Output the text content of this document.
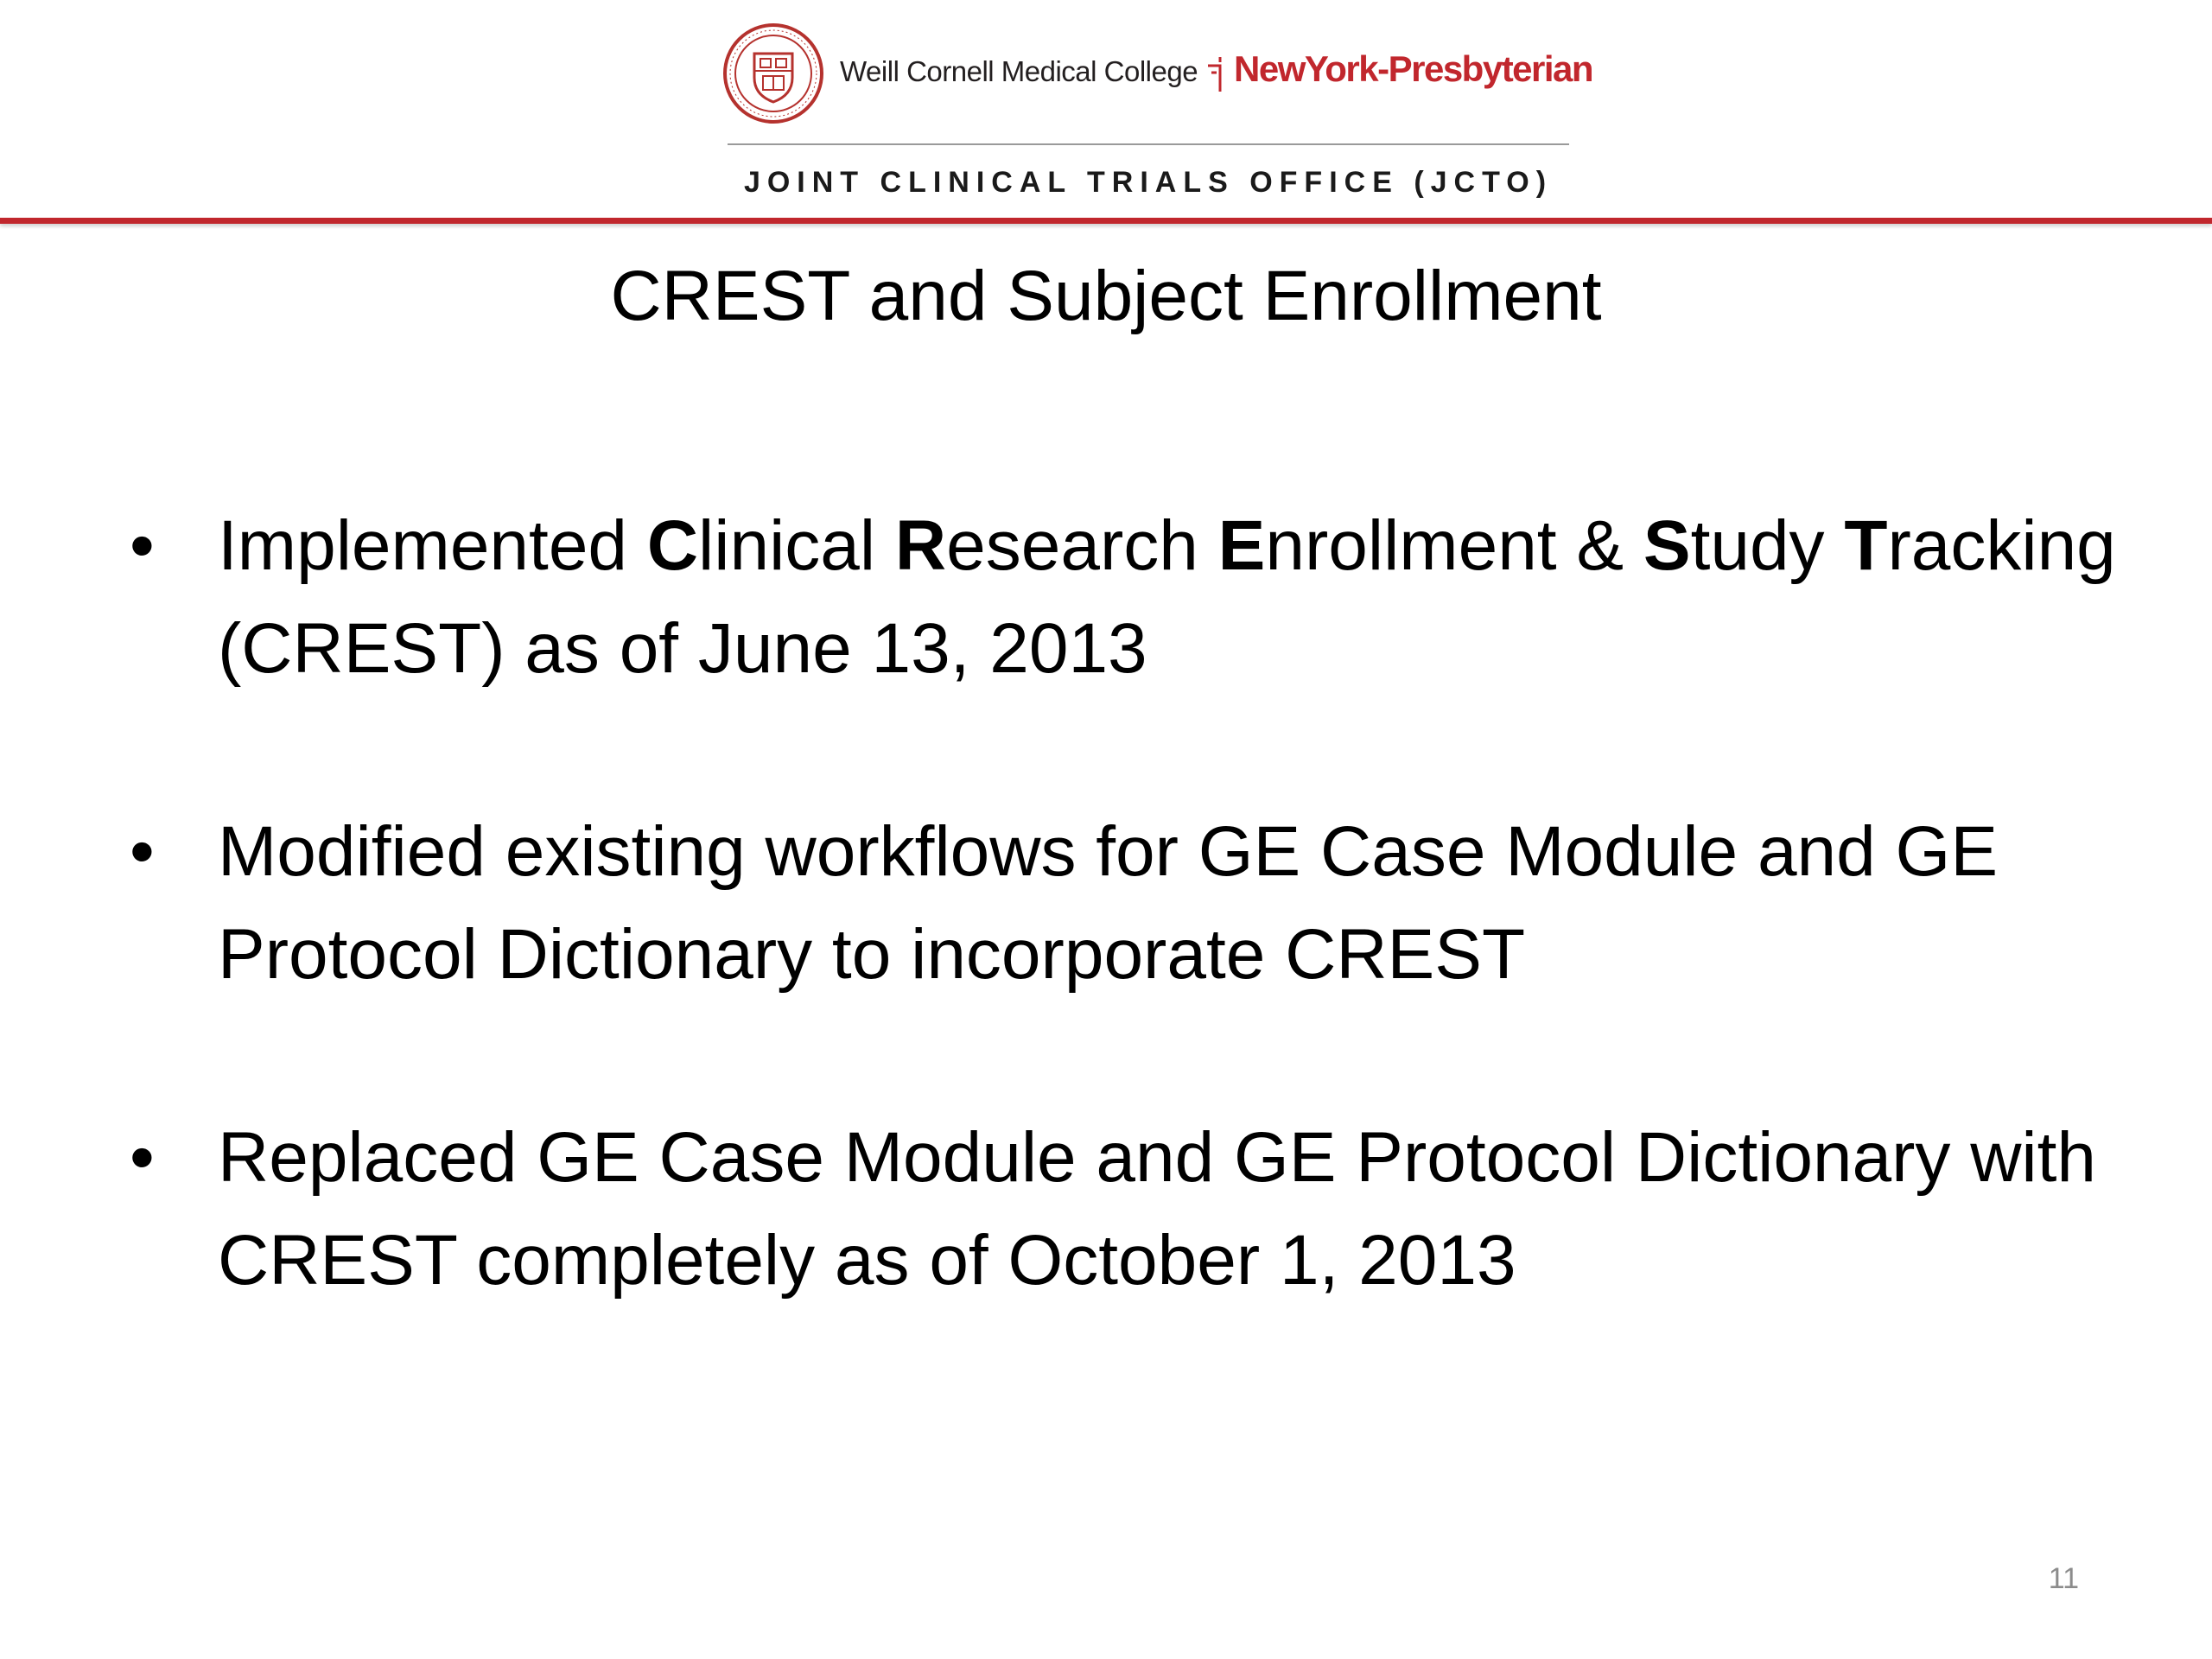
Weill Cornell Medical College NewYork-Presbyterian
JOINT CLINICAL TRIALS OFFICE (JCTO)
CREST and Subject Enrollment
• Implemented Clinical Research Enrollment & Study Tracking (CREST) as of June 13, 2013
• Modified existing workflows for GE Case Module and GE Protocol Dictionary to incorporate CREST
• Replaced GE Case Module and GE Protocol Dictionary with CREST completely as of October 1, 2013
11
